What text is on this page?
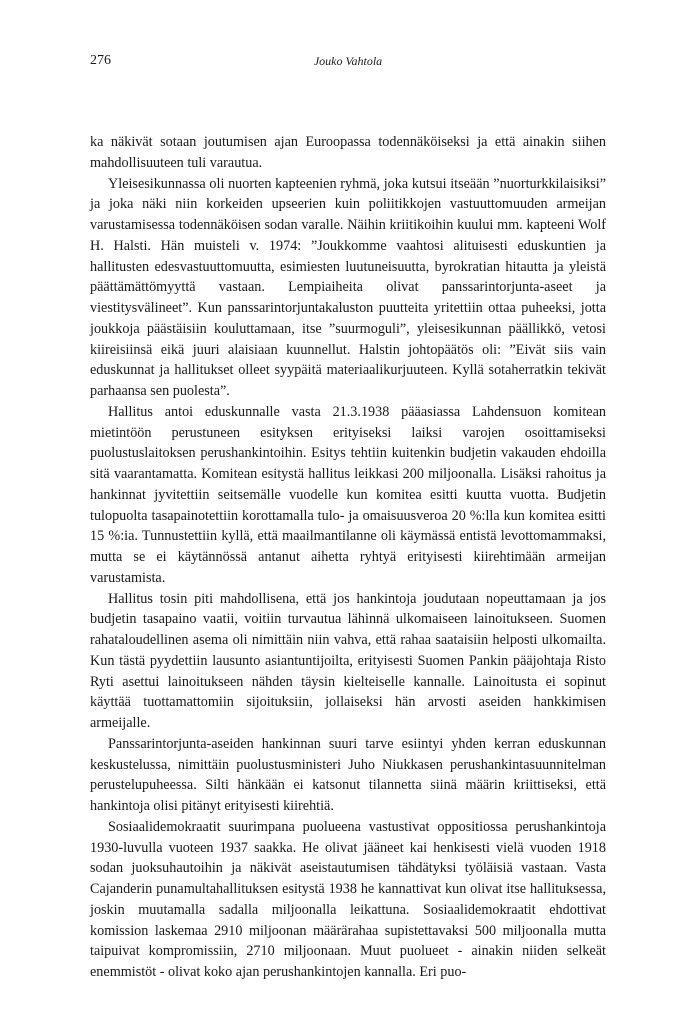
276	Jouko Vahtola

ka näkivät sotaan joutumisen ajan Euroopassa todennäköiseksi ja että ainakin siihen mahdollisuuteen tuli varautua.

Yleisesikunnassa oli nuorten kapteenien ryhmä, joka kutsui itseään ”nuorturkkilaisiksi” ja joka näki niin korkeiden upseerien kuin poliitikkojen vastuuttomuuden armeijan varustamisessa todennäköisen sodan varalle. Näihin kriitikoihin kuului mm. kapteeni Wolf H. Halsti. Hän muisteli v. 1974: ”Joukkomme vaahtosi alituisesti eduskuntien ja hallitusten edesvastuuttomuutta, esimiesten luutuneisuutta, byrokratian hitautta ja yleistä päättämättömyyttä vastaan. Lempiaiheita olivat panssarintorjunta-aseet ja viestitysvälineet”. Kun panssarintorjuntakaluston puutteita yritettiin ottaa puheeksi, jotta joukkoja päästäisiin kouluttamaan, itse ”suurmoguli”, yleisesikunnan päällikkö, vetosi kiireisiinsä eikä juuri alaisiaan kuunnellut. Halstin johtopäätös oli: ”Eivät siis vain eduskunnat ja hallitukset olleet syypäitä materiaalikurjuuteen. Kyllä sotaherratkin tekivät parhaansa sen puolesta”.

Hallitus antoi eduskunnalle vasta 21.3.1938 pääasiassa Lahdensuon komitean mietintöön perustuneen esityksen erityiseksi laiksi varojen osoittamiseksi puolustuslaitoksen perushankintoihin. Esitys tehtiin kuitenkin budjetin vakauden ehdoilla sitä vaarantamatta. Komitean esitystä hallitus leikkasi 200 miljoonalla. Lisäksi rahoitus ja hankinnat jyvitettiin seitsemälle vuodelle kun komitea esitti kuutta vuotta. Budjetin tulopuolta tasapainotettiin korottamalla tulo- ja omaisuusveroa 20 %:lla kun komitea esitti 15 %:ia. Tunnustettiin kyllä, että maailmantilanne oli käymässä entistä levottomammaksi, mutta se ei käytännössä antanut aihetta ryhtyä erityisesti kiirehtimään armeijan varustamista.

Hallitus tosin piti mahdollisena, että jos hankintoja joudutaan nopeuttamaan ja jos budjetin tasapaino vaatii, voitiin turvautua lähinnä ulkomaiseen lainoitukseen. Suomen rahataloudellinen asema oli nimittäin niin vahva, että rahaa saataisiin helposti ulkomailta. Kun tästä pyydettiin lausunto asiantuntijoilta, erityisesti Suomen Pankin pääjohtaja Risto Ryti asettui lainoitukseen nähden täysin kielteiselle kannalle. Lainoitusta ei sopinut käyttää tuottamattomiin sijoituksiin, jollaiseksi hän arvosti aseiden hankkimisen armeijalle.

Panssarintorjunta-aseiden hankinnan suuri tarve esiintyi yhden kerran eduskunnan keskustelussa, nimittäin puolustusministeri Juho Niukkasen perushankintasuunnitelman perustelupuheessa. Silti hänkään ei katsonut tilannetta siinä määrin kriittiseksi, että hankintoja olisi pitänyt erityisesti kiirehtiä.

Sosiaalidemokraatit suurimpana puolueena vastustivat oppositiossa perushankintoja 1930-luvulla vuoteen 1937 saakka. He olivat jääneet kai henkisesti vielä vuoden 1918 sodan juoksuhautoihin ja näkivät aseistautumisen tähdätyksi työläisiä vastaan. Vasta Cajanderin punamultahallituksen esitystä 1938 he kannattivat kun olivat itse hallituksessa, joskin muutamalla sadalla miljoonalla leikattuna. Sosiaalidemokraatit ehdottivat komission laskemaa 2910 miljoonan määrärahaa supistettavaksi 500 miljoonalla mutta taipuivat kompromissiin, 2710 miljoonaan. Muut puolueet - ainakin niiden selkeät enemmistöt - olivat koko ajan perushankintojen kannalla. Eri puo-
